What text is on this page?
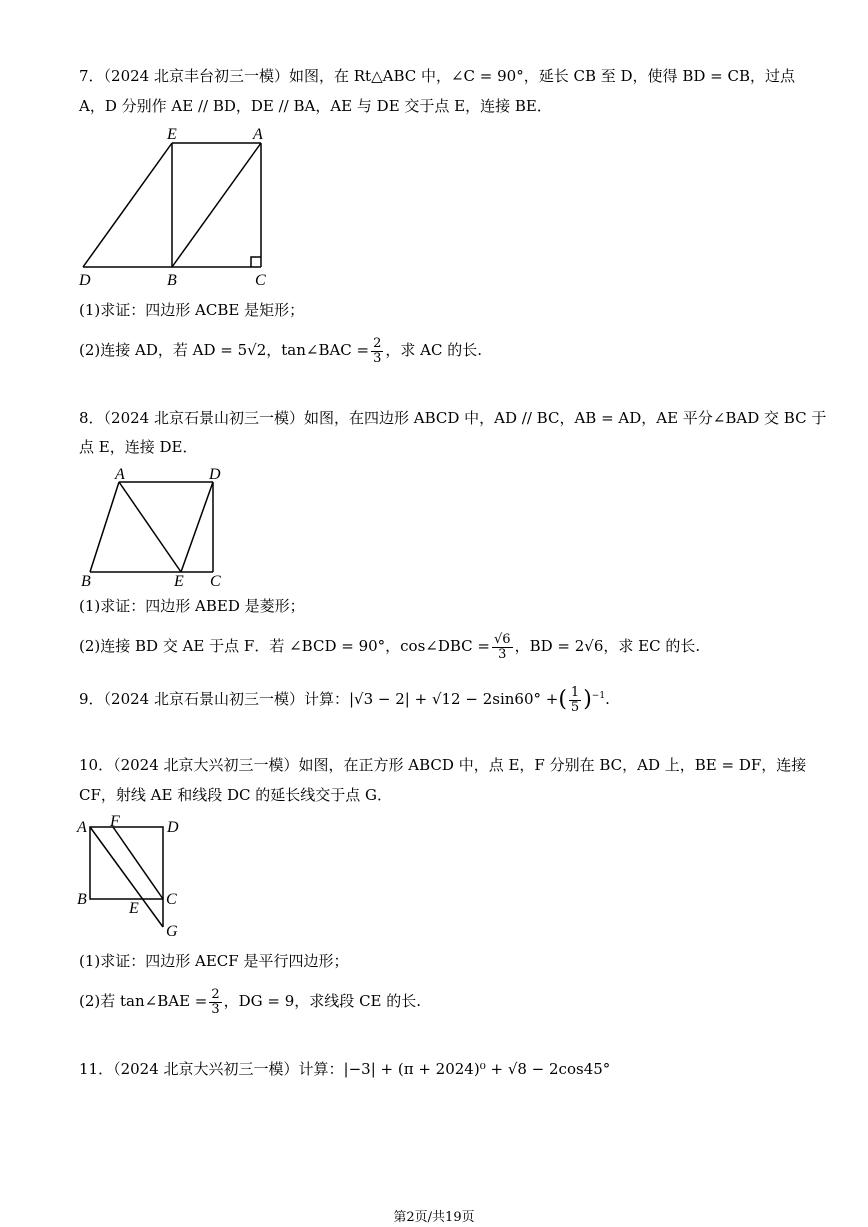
7．（2024 北京丰台初三一模）如图，在 Rt△ABC 中，∠C = 90°，延长 CB 至 D，使得 BD = CB，过点
A，D 分别作 AE // BD，DE // BA，AE 与 DE 交于点 E，连接 BE．
E	A
D	B	C
(1)求证：四边形 ACBE 是矩形；
(2)连接 AD，若 AD = 5√2，tan∠BAC = $\frac{2}{3}$ ，求 AC 的长.
8．（2024 北京石景山初三一模）如图，在四边形 ABCD 中，AD // BC，AB = AD，AE 平分∠BAD 交 BC 于
点 E，连接 DE．
A	D
B	E C
(1)求证：四边形 ABED 是菱形；
(2)连接 BD 交 AE 于点 F．若 ∠BCD = 90°，cos∠DBC = $\frac{√6}{3}$ ，BD = 2√6，求 EC 的长.
9．（2024 北京石景山初三一模）计算：|√3 − 2| + √12 − 2sin60° +( $\frac{1}{5} )^{-1}$.
10．（2024 北京大兴初三一模）如图，在正方形 ABCD 中，点 E，F 分别在 BC，AD 上，BE = DF，连接
CF，射线 AE 和线段 DC 的延长线交于点 G．
A F	D
B
E
C
G
(1)求证：四边形 AECF 是平行四边形；
(2)若 tan∠BAE = $\frac{2}{3}$ ，DG = 9，求线段 CE 的长.
11．（2024 北京大兴初三一模）计算：|−3| + (π + 2024)⁰ + √8 − 2cos45°
第2页/共19页
